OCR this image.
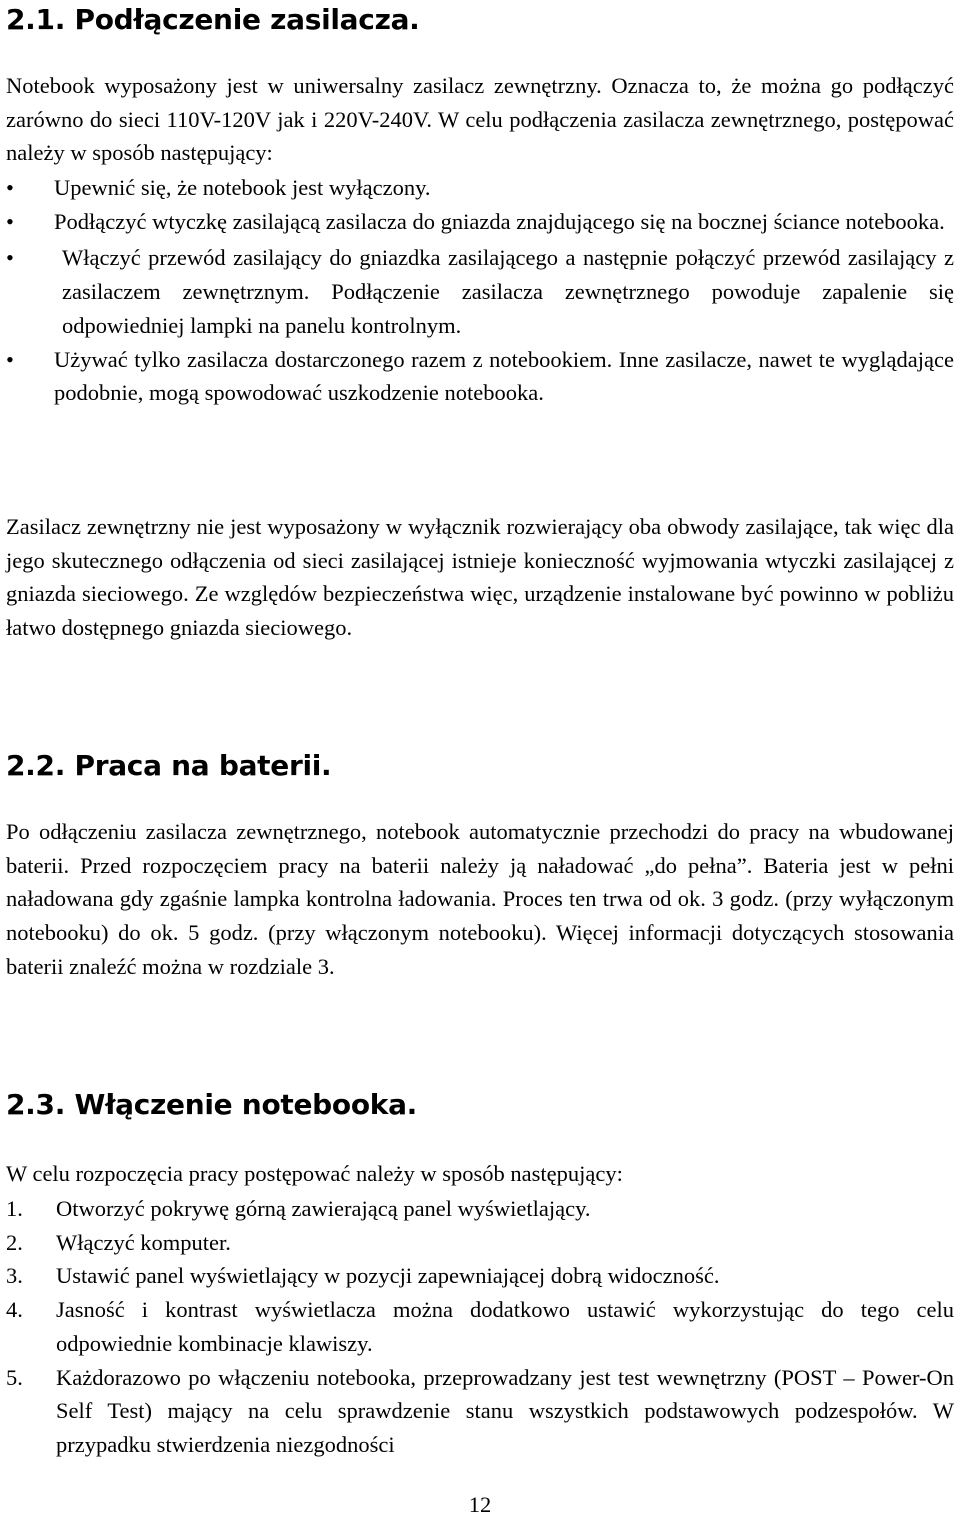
2.1. Podłączenie zasilacza.

Notebook wyposażony jest w uniwersalny zasilacz zewnętrzny. Oznacza to, że można go podłączyć zarówno do sieci 110V-120V jak i 220V-240V. W celu podłączenia zasilacza zewnętrznego, postępować należy w sposób następujący:

• Upewnić się, że notebook jest wyłączony.
• Podłączyć wtyczkę zasilającą zasilacza do gniazda znajdującego się na bocznej ściance notebooka.
• Włączyć przewód zasilający do gniazdka zasilającego a następnie połączyć przewód zasilający z zasilaczem zewnętrznym. Podłączenie zasilacza zewnętrznego powoduje zapalenie się odpowiedniej lampki na panelu kontrolnym.
• Używać tylko zasilacza dostarczonego razem z notebookiem. Inne zasilacze, nawet te wyglądające podobnie, mogą spowodować uszkodzenie notebooka.

Zasilacz zewnętrzny nie jest wyposażony w wyłącznik rozwierający oba obwody zasilające, tak więc dla jego skutecznego odłączenia od sieci zasilającej istnieje konieczność wyjmowania wtyczki zasilającej z gniazda sieciowego. Ze względów bezpieczeństwa więc, urządzenie instalowane być powinno w pobliżu łatwo dostępnego gniazda sieciowego.

2.2. Praca na baterii.

Po odłączeniu zasilacza zewnętrznego, notebook automatycznie przechodzi do pracy na wbudowanej baterii. Przed rozpoczęciem pracy na baterii należy ją naładować „do pełna”. Bateria jest w pełni naładowana gdy zgaśnie lampka kontrolna ładowania. Proces ten trwa od ok. 3 godz. (przy wyłączonym notebooku) do ok. 5 godz. (przy włączonym notebooku). Więcej informacji dotyczących stosowania baterii znaleźć można w rozdziale 3.

2.3. Włączenie notebooka.

W celu rozpoczęcia pracy postępować należy w sposób następujący:

1. Otworzyć pokrywę górną zawierającą panel wyświetlający.
2. Włączyć komputer.
3. Ustawić panel wyświetlający w pozycji zapewniającej dobrą widoczność.
4. Jasność i kontrast wyświetlacza można dodatkowo ustawić wykorzystując do tego celu odpowiednie kombinacje klawiszy.
5. Każdorazowo po włączeniu notebooka, przeprowadzany jest test wewnętrzny (POST – Power-On Self Test) mający na celu sprawdzenie stanu wszystkich podstawowych podzespołów. W przypadku stwierdzenia niezgodności
12
